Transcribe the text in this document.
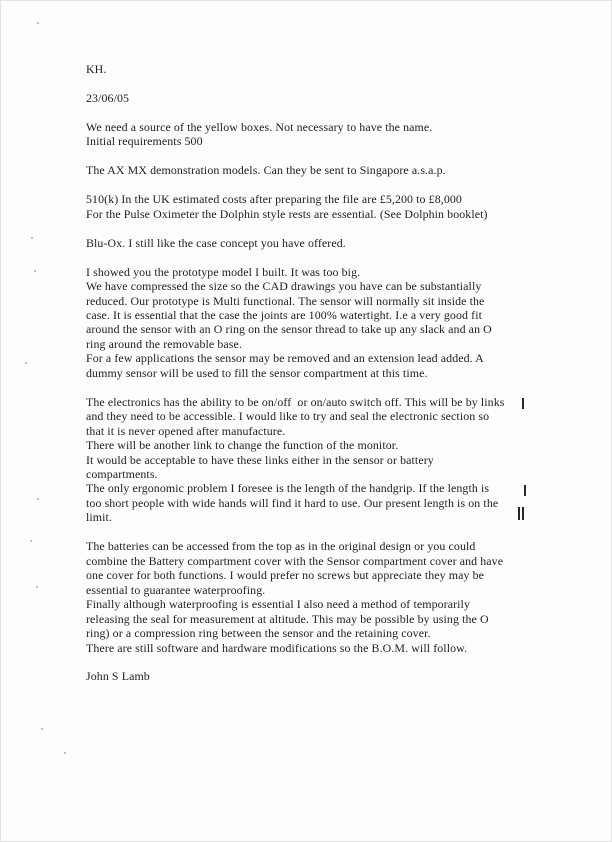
KH.
23/06/05
We need a source of the yellow boxes. Not necessary to have the name.
Initial requirements 500
The AX MX demonstration models. Can they be sent to Singapore a.s.a.p.
510(k) In the UK estimated costs after preparing the file are £5,200 to £8,000
For the Pulse Oximeter the Dolphin style rests are essential. (See Dolphin booklet)
Blu-Ox. I still like the case concept you have offered.
I showed you the prototype model I built. It was too big.
We have compressed the size so the CAD drawings you have can be substantially
reduced. Our prototype is Multi functional. The sensor will normally sit inside the
case. It is essential that the case the joints are 100% watertight. I.e a very good fit
around the sensor with an O ring on the sensor thread to take up any slack and an O
ring around the removable base.
For a few applications the sensor may be removed and an extension lead added. A
dummy sensor will be used to fill the sensor compartment at this time.
The electronics has the ability to be on/off  or on/auto switch off. This will be by links
and they need to be accessible. I would like to try and seal the electronic section so
that it is never opened after manufacture.
There will be another link to change the function of the monitor.
It would be acceptable to have these links either in the sensor or battery
compartments.
The only ergonomic problem I foresee is the length of the handgrip. If the length is
too short people with wide hands will find it hard to use. Our present length is on the
limit.
The batteries can be accessed from the top as in the original design or you could
combine the Battery compartment cover with the Sensor compartment cover and have
one cover for both functions. I would prefer no screws but appreciate they may be
essential to guarantee waterproofing.
Finally although waterproofing is essential I also need a method of temporarily
releasing the seal for measurement at altitude. This may be possible by using the O
ring) or a compression ring between the sensor and the retaining cover.
There are still software and hardware modifications so the B.O.M. will follow.
John S Lamb
